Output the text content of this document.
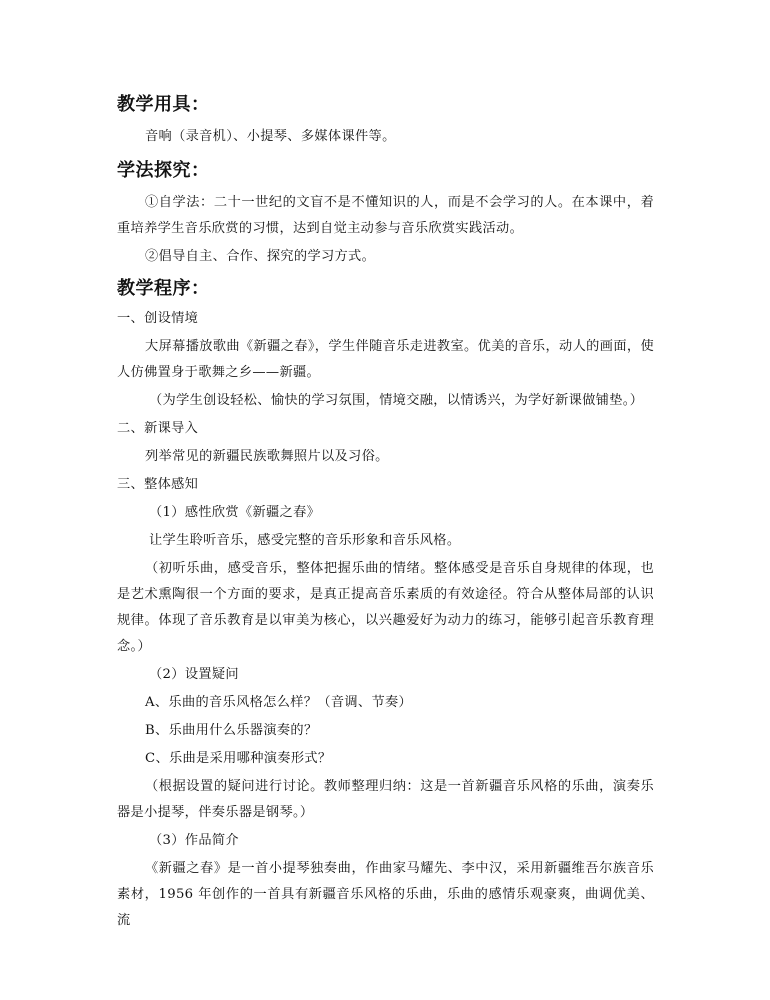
教学用具：

音响（录音机）、小提琴、多媒体课件等。

学法探究：

①自学法：二十一世纪的文盲不是不懂知识的人，而是不会学习的人。在本课中，着重培养学生音乐欣赏的习惯，达到自觉主动参与音乐欣赏实践活动。

②倡导自主、合作、探究的学习方式。

教学程序：

一、创设情境

大屏幕播放歌曲《新疆之春》，学生伴随音乐走进教室。优美的音乐，动人的画面，使人仿佛置身于歌舞之乡——新疆。

（为学生创设轻松、愉快的学习氛围，情境交融，以情诱兴，为学好新课做铺垫。）

二、新课导入

列举常见的新疆民族歌舞照片以及习俗。

三、整体感知

（1）感性欣赏《新疆之春》

让学生聆听音乐，感受完整的音乐形象和音乐风格。

（初听乐曲，感受音乐，整体把握乐曲的情绪。整体感受是音乐自身规律的体现，也是艺术熏陶很一个方面的要求，是真正提高音乐素质的有效途径。符合从整体局部的认识规律。体现了音乐教育是以审美为核心，以兴趣爱好为动力的练习，能够引起音乐教育理念。）

（2）设置疑问

A、乐曲的音乐风格怎么样？（音调、节奏）

B、乐曲用什么乐器演奏的？

C、乐曲是采用哪种演奏形式？

（根据设置的疑问进行讨论。教师整理归纳：这是一首新疆音乐风格的乐曲，演奏乐器是小提琴，伴奏乐器是钢琴。）

（3）作品简介

《新疆之春》是一首小提琴独奏曲，作曲家马耀先、李中汉，采用新疆维吾尔族音乐素材，1956 年创作的一首具有新疆音乐风格的乐曲，乐曲的感情乐观豪爽，曲调优美、流
